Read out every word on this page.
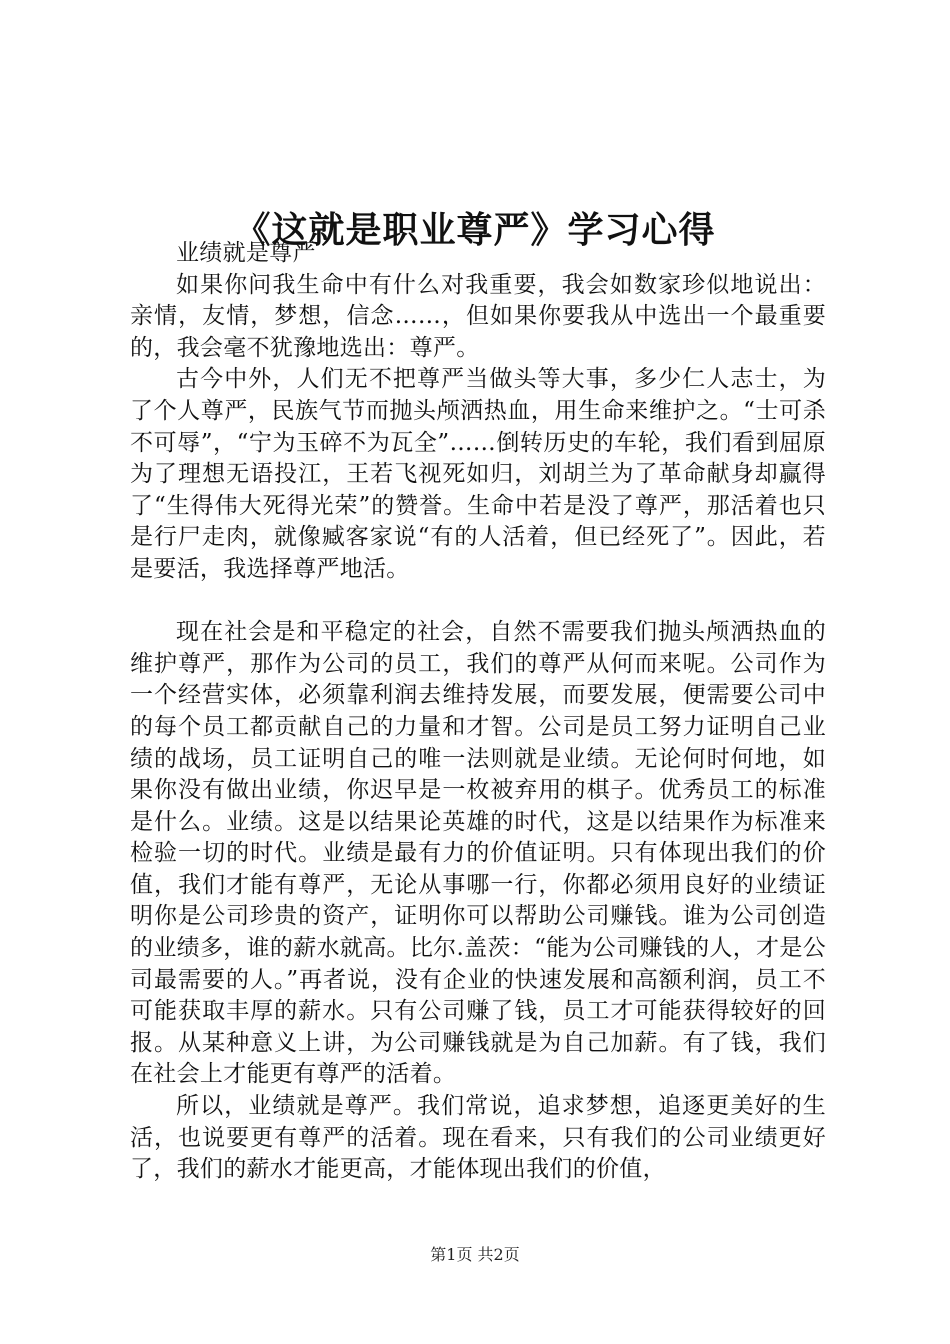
《这就是职业尊严》学习心得

业绩就是尊严

如果你问我生命中有什么对我重要，我会如数家珍似地说出：亲情，友情，梦想，信念……，但如果你要我从中选出一个最重要的，我会毫不犹豫地选出：尊严。

古今中外，人们无不把尊严当做头等大事，多少仁人志士，为了个人尊严，民族气节而抛头颅洒热血，用生命来维护之。“士可杀不可辱”，“宁为玉碎不为瓦全”……倒转历史的车轮，我们看到屈原为了理想无语投江，王若飞视死如归，刘胡兰为了革命献身却赢得了“生得伟大死得光荣”的赞誉。生命中若是没了尊严，那活着也只是行尸走肉，就像臧客家说“有的人活着，但已经死了”。因此，若是要活，我选择尊严地活。

现在社会是和平稳定的社会，自然不需要我们抛头颅洒热血的维护尊严，那作为公司的员工，我们的尊严从何而来呢。公司作为一个经营实体，必须靠利润去维持发展，而要发展，便需要公司中的每个员工都贡献自己的力量和才智。公司是员工努力证明自己业绩的战场，员工证明自己的唯一法则就是业绩。无论何时何地，如果你没有做出业绩，你迟早是一枚被弃用的棋子。优秀员工的标准是什么。业绩。这是以结果论英雄的时代，这是以结果作为标准来检验一切的时代。业绩是最有力的价值证明。只有体现出我们的价值，我们才能有尊严，无论从事哪一行，你都必须用良好的业绩证明你是公司珍贵的资产，证明你可以帮助公司赚钱。谁为公司创造的业绩多，谁的薪水就高。比尔.盖茨：“能为公司赚钱的人，才是公司最需要的人。”再者说，没有企业的快速发展和高额利润，员工不可能获取丰厚的薪水。只有公司赚了钱，员工才可能获得较好的回报。从某种意义上讲，为公司赚钱就是为自己加薪。有了钱，我们在社会上才能更有尊严的活着。

所以，业绩就是尊严。我们常说，追求梦想，追逐更美好的生活，也说要更有尊严的活着。现在看来，只有我们的公司业绩更好了，我们的薪水才能更高，才能体现出我们的价值，

第1页 共2页
